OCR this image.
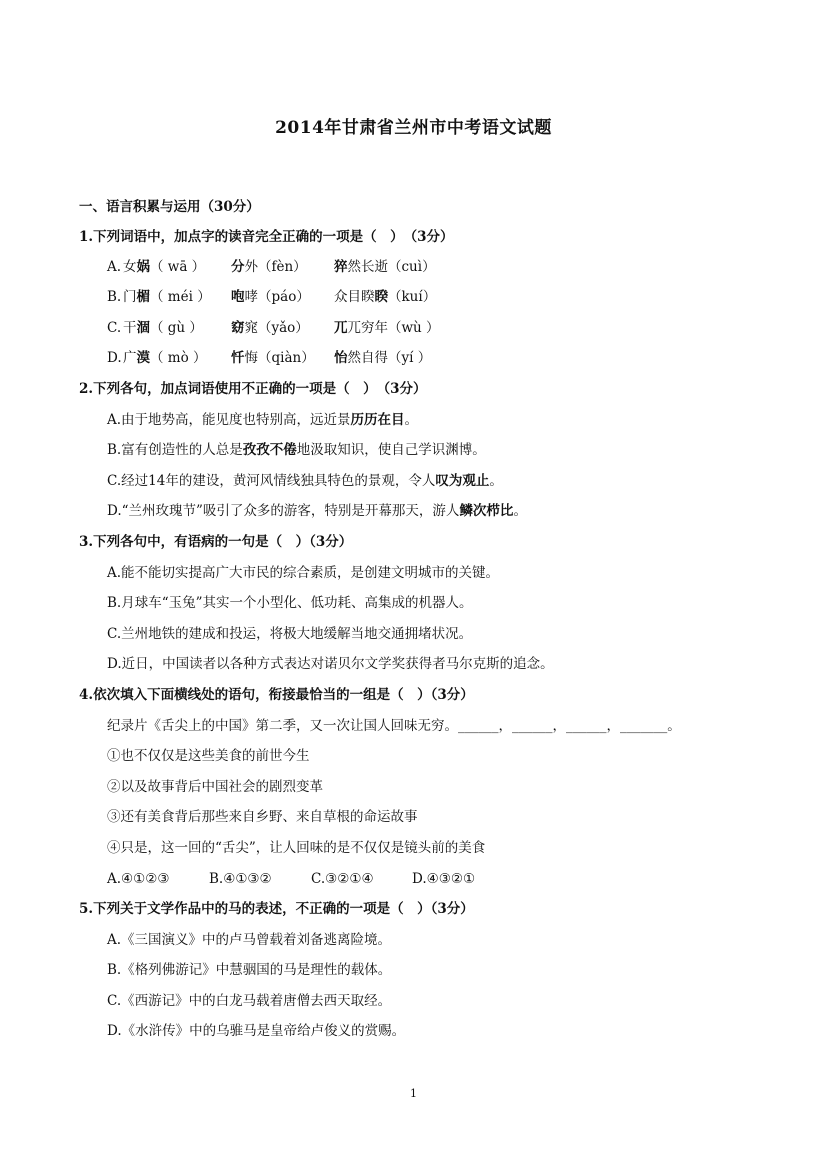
2014年甘肃省兰州市中考语文试题
一、语言积累与运用（30分）
1.下列词语中，加点字的读音完全正确的一项是（　）　（3分）
A. 女娲（ wā ） 分外（fèn） 猝然长逝（cuì）
B. 门楣（ méi ） 咆哮（páo） 众目睽睽（kuí）
C. 干涸（ gù ） 窈窕（yǎo） 兀兀穷年（wù ）
D. 广漠（ mò ） 忏悔（qiàn） 怡然自得（yí ）
2.下列各句，加点词语使用不正确的一项是（　）　（3分）
A.由于地势高，能见度也特别高，远近景历历在目。
B.富有创造性的人总是孜孜不倦地汲取知识，使自己学识渊博。
C.经过14年的建设，黄河风情线独具特色的景观，令人叹为观止。
D.“兰州玫瑰节”吸引了众多的游客，特别是开幕那天，游人鳞次栉比。
3.下列各句中，有语病的一句是（　）（3分）
A.能不能切实提高广大市民的综合素质，是创建文明城市的关键。
B.月球车“玉兔”其实一个小型化、低功耗、高集成的机器人。
C.兰州地铁的建成和投运，将极大地缓解当地交通拥堵状况。
D.近日，中国读者以各种方式表达对诺贝尔文学奖获得者马尔克斯的追念。
4.依次填入下面横线处的语句，衔接最恰当的一组是（　）（3分）
纪录片《舌尖上的中国》第二季，又一次让国人回味无穷。______，______，______，_______。
①也不仅仅是这些美食的前世今生
②以及故事背后中国社会的剧烈变革
③还有美食背后那些来自乡野、来自草根的命运故事
④只是，这一回的“舌尖”，让人回味的是不仅仅是镜头前的美食
A.④①②③	B.④①③②	C.③②①④	D.④③②①
5.下列关于文学作品中的马的表述，不正确的一项是（　）（3分）
A.《三国演义》中的卢马曾载着刘备逃离险境。
B.《格列佛游记》中慧骃国的马是理性的载体。
C.《西游记》中的白龙马载着唐僧去西天取经。
D.《水浒传》中的乌骓马是皇帝给卢俊义的赏赐。
1
